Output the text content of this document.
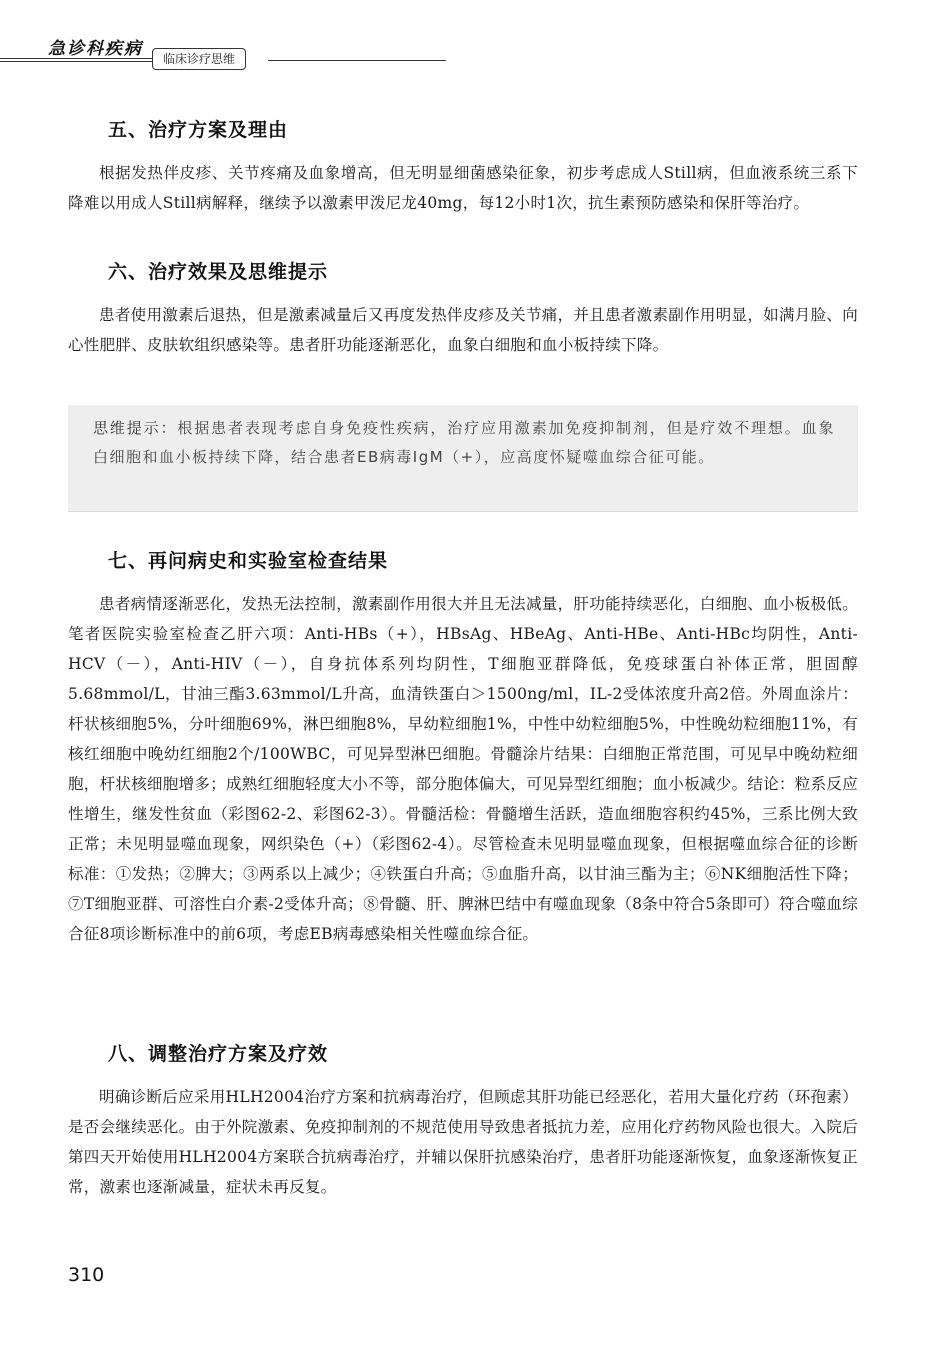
急诊科疾病	临床诊疗思维
五、治疗方案及理由

根据发热伴皮疹、关节疼痛及血象增高，但无明显细菌感染征象，初步考虑成人Still病，但血液系统三系下降难以用成人Still病解释，继续予以激素甲泼尼龙40mg，每12小时1次，抗生素预防感染和保肝等治疗。

六、治疗效果及思维提示

患者使用激素后退热，但是激素减量后又再度发热伴皮疹及关节痛，并且患者激素副作用明显，如满月脸、向心性肥胖、皮肤软组织感染等。患者肝功能逐渐恶化，血象白细胞和血小板持续下降。

思维提示：根据患者表现考虑自身免疫性疾病，治疗应用激素加免疫抑制剂，但是疗效不理想。血象白细胞和血小板持续下降，结合患者EB病毒IgM（+），应高度怀疑噬血综合征可能。
七、再问病史和实验室检查结果

患者病情逐渐恶化，发热无法控制，激素副作用很大并且无法减量，肝功能持续恶化，白细胞、血小板极低。笔者医院实验室检查乙肝六项：Anti-HBs（+），HBsAg、HBeAg、Anti-HBe、Anti-HBc均阴性，Anti-HCV（－），Anti-HIV（－），自身抗体系列均阴性，T细胞亚群降低，免疫球蛋白补体正常，胆固醇5.68mmol/L，甘油三酯3.63mmol/L升高，血清铁蛋白＞1500ng/ml，IL-2受体浓度升高2倍。外周血涂片：杆状核细胞5%，分叶细胞69%，淋巴细胞8%，早幼粒细胞1%，中性中幼粒细胞5%，中性晚幼粒细胞11%，有核红细胞中晚幼红细胞2个/100WBC，可见异型淋巴细胞。骨髓涂片结果：白细胞正常范围，可见早中晚幼粒细胞，杆状核细胞增多；成熟红细胞轻度大小不等，部分胞体偏大，可见异型红细胞；血小板减少。结论：粒系反应性增生，继发性贫血（彩图62-2、彩图62-3）。骨髓活检：骨髓增生活跃，造血细胞容积约45%，三系比例大致正常；未见明显噬血现象，网织染色（+）（彩图62-4）。尽管检查未见明显噬血现象，但根据噬血综合征的诊断标准：①发热；②脾大；③两系以上减少；④铁蛋白升高；⑤血脂升高，以甘油三酯为主；⑥NK细胞活性下降；⑦T细胞亚群、可溶性白介素-2受体升高；⑧骨髓、肝、脾淋巴结中有噬血现象（8条中符合5条即可）符合噬血综合征8项诊断标准中的前6项，考虑EB病毒感染相关性噬血综合征。

八、调整治疗方案及疗效

明确诊断后应采用HLH2004治疗方案和抗病毒治疗，但顾虑其肝功能已经恶化，若用大量化疗药（环孢素）是否会继续恶化。由于外院激素、免疫抑制剂的不规范使用导致患者抵抗力差，应用化疗药物风险也很大。入院后第四天开始使用HLH2004方案联合抗病毒治疗，并辅以保肝抗感染治疗，患者肝功能逐渐恢复，血象逐渐恢复正常，激素也逐渐减量，症状未再反复。

310
